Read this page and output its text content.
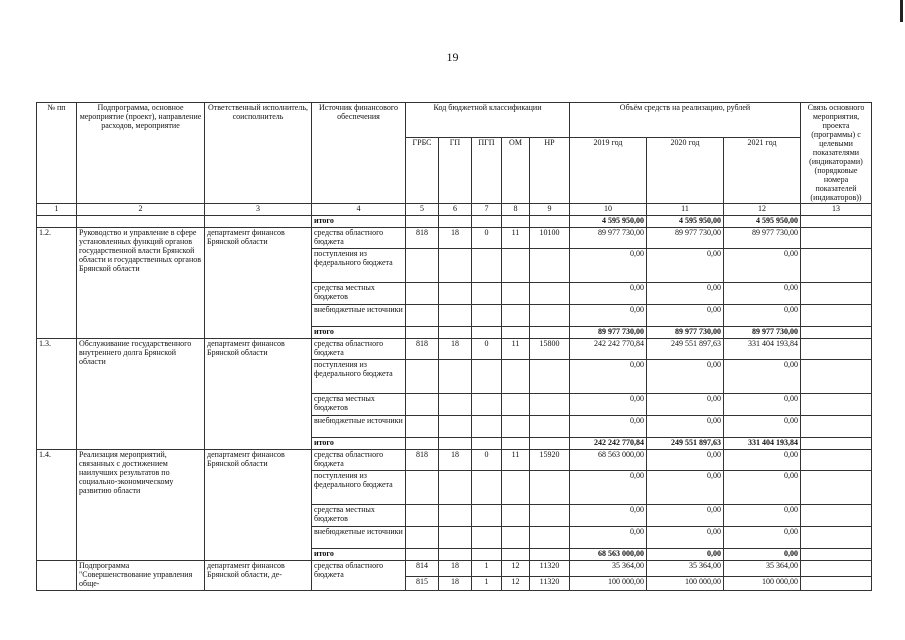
19
№ пп	Подпрограмма, основное мероприятие (проект), направление расходов, мероприятие	Ответственный исполнитель, соисполнитель	Источник финансового обеспечения	Код бюджетной классификации					Объём средств на реализацию, рублей			Связь основного мероприятия, проекта (программы) с целевыми показателями (индикаторами) (порядковые номера показателей (индикаторов))
				ГРБС	ГП	ПГП	ОМ	НР	2019 год	2020 год	2021 год	
1	2	3	4	5	6	7	8	9	10	11	12	13
			итого						4 595 950,00	4 595 950,00	4 595 950,00	
1.2.	Руководство и управление в сфере установленных функций органов государственной власти Брянской области и государственных органов Брянской области	департамент финансов Брянской области	средства областного бюджета	818	18	0	11	10100	89 977 730,00	89 977 730,00	89 977 730,00	
			поступления из федерального бюджета						0,00	0,00	0,00	
			средства местных бюджетов						0,00	0,00	0,00	
			внебюджетные источники						0,00	0,00	0,00	
			итого						89 977 730,00	89 977 730,00	89 977 730,00	
1.3.	Обслуживание государственного внутреннего долга Брянской области	департамент финансов Брянской области	средства областного бюджета	818	18	0	11	15800	242 242 770,84	249 551 897,63	331 404 193,84	
			поступления из федерального бюджета						0,00	0,00	0,00	
			средства местных бюджетов						0,00	0,00	0,00	
			внебюджетные источники						0,00	0,00	0,00	
			итого						242 242 770,84	249 551 897,63	331 404 193,84	
1.4.	Реализация мероприятий, связанных с достижением наилучших результатов по социально-экономическому развитию области	департамент финансов Брянской области	средства областного бюджета	818	18	0	11	15920	68 563 000,00	0,00	0,00	
			поступления из федерального бюджета						0,00	0,00	0,00	
			средства местных бюджетов						0,00	0,00	0,00	
			внебюджетные источники						0,00	0,00	0,00	
			итого						68 563 000,00	0,00	0,00	
	Подпрограмма "Совершенствование управления обще-	департамент финансов Брянской области, де-	средства областного бюджета	814	18	1	12	11320	35 364,00	35 364,00	35 364,00	
				815	18	1	12	11320	100 000,00	100 000,00	100 000,00	
